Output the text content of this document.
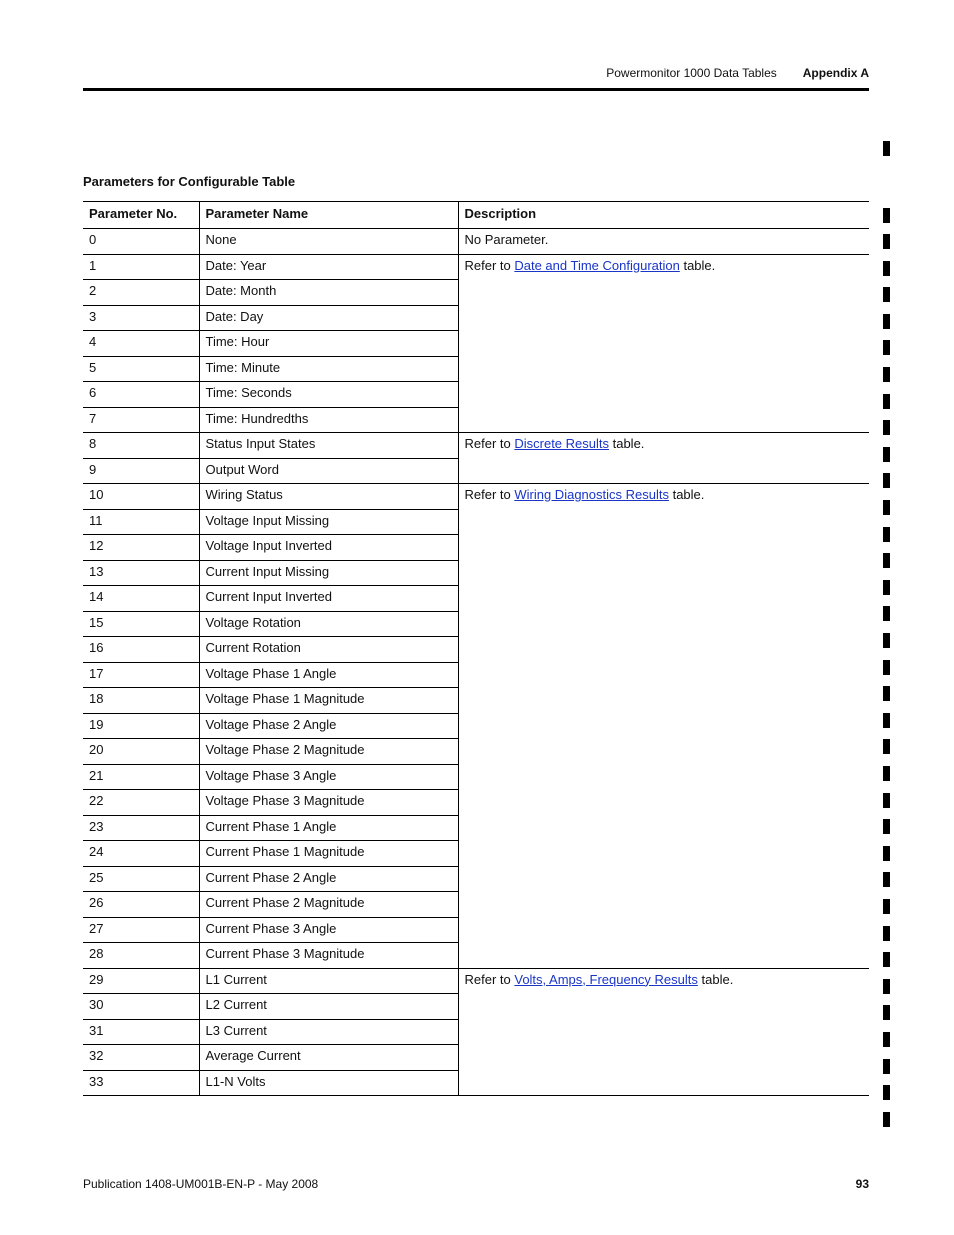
Powermonitor 1000 Data Tables Appendix A
Parameters for Configurable Table
Parameter No.	Parameter Name	Description
0	None	No Parameter.
1	Date: Year	Refer to Date and Time Configuration table.
2	Date: Month	
3	Date: Day	
4	Time: Hour	
5	Time: Minute	
6	Time: Seconds	
7	Time: Hundredths	
8	Status Input States	Refer to Discrete Results table.
9	Output Word	
10	Wiring Status	Refer to Wiring Diagnostics Results table.
11	Voltage Input Missing	
12	Voltage Input Inverted	
13	Current Input Missing	
14	Current Input Inverted	
15	Voltage Rotation	
16	Current Rotation	
17	Voltage Phase 1 Angle	
18	Voltage Phase 1 Magnitude	
19	Voltage Phase 2 Angle	
20	Voltage Phase 2 Magnitude	
21	Voltage Phase 3 Angle	
22	Voltage Phase 3 Magnitude	
23	Current Phase 1 Angle	
24	Current Phase 1 Magnitude	
25	Current Phase 2 Angle	
26	Current Phase 2 Magnitude	
27	Current Phase 3 Angle	
28	Current Phase 3 Magnitude	
29	L1 Current	Refer to Volts, Amps, Frequency Results table.
30	L2 Current	
31	L3 Current	
32	Average Current	
33	L1-N Volts	
Publication 1408-UM001B-EN-P - May 2008	93
